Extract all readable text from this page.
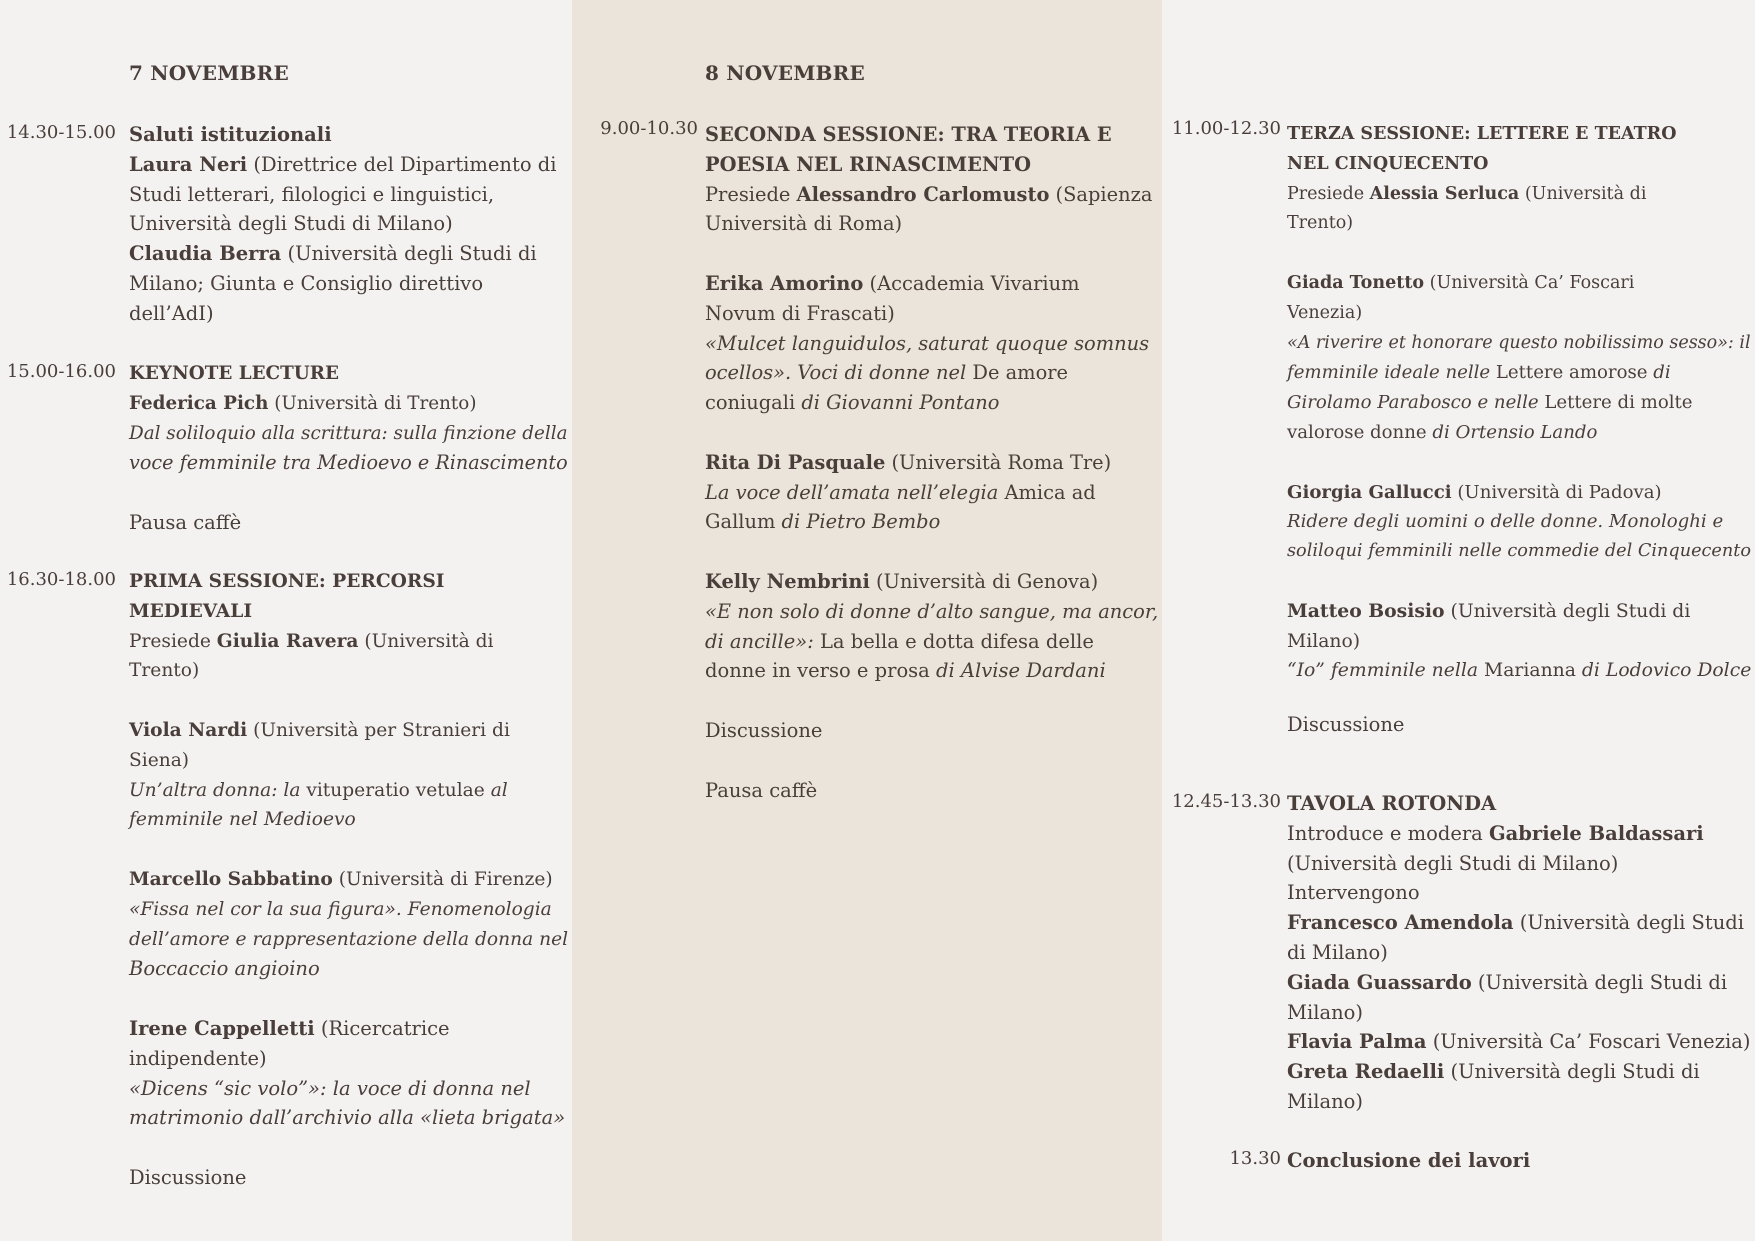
7 NOVEMBRE
14.30-15.00 Saluti istituzionali
Laura Neri (Direttrice del Dipartimento di
Studi letterari, filologici e linguistici,
Università degli Studi di Milano)
Claudia Berra (Università degli Studi di
Milano; Giunta e Consiglio direttivo
dell’AdI)
15.00-16.00 KEYNOTE LECTURE
Federica Pich (Università di Trento)
Dal soliloquio alla scrittura: sulla finzione della
voce femminile tra Medioevo e Rinascimento
Pausa caffè
16.30-18.00 PRIMA SESSIONE: PERCORSI
MEDIEVALI
Presiede Giulia Ravera (Università di
Trento)
Viola Nardi (Università per Stranieri di
Siena)
Un’altra donna: la vituperatio vetulae al
femminile nel Medioevo
Marcello Sabbatino (Università di Firenze)
«Fissa nel cor la sua figura». Fenomenologia
dell’amore e rappresentazione della donna nel
Boccaccio angioino
Irene Cappelletti (Ricercatrice
indipendente)
«Dicens “sic volo”»: la voce di donna nel
matrimonio dall’archivio alla «lieta brigata»
Discussione
8 NOVEMBRE
9.00-10.30 SECONDA SESSIONE: TRA TEORIA E
POESIA NEL RINASCIMENTO
Presiede Alessandro Carlomusto (Sapienza
Università di Roma)
Erika Amorino (Accademia Vivarium
Novum di Frascati)
«Mulcet languidulos, saturat quoque somnus
ocellos». Voci di donne nel De amore
coniugali di Giovanni Pontano
Rita Di Pasquale (Università Roma Tre)
La voce dell’amata nell’elegia Amica ad
Gallum di Pietro Bembo
Kelly Nembrini (Università di Genova)
«E non solo di donne d’alto sangue, ma ancor,
di ancille»: La bella e dotta difesa delle
donne in verso e prosa di Alvise Dardani
Discussione
Pausa caffè
11.00-12.30 TERZA SESSIONE: LETTERE E TEATRO
NEL CINQUECENTO
Presiede Alessia Serluca (Università di
Trento)
Giada Tonetto (Università Ca’ Foscari
Venezia)
«A riverire et honorare questo nobilissimo sesso»: il
femminile ideale nelle Lettere amorose di
Girolamo Parabosco e nelle Lettere di molte
valorose donne di Ortensio Lando
Giorgia Gallucci (Università di Padova)
Ridere degli uomini o delle donne. Monologhi e
soliloqui femminili nelle commedie del Cinquecento
Matteo Bosisio (Università degli Studi di
Milano)
“Io” femminile nella Marianna di Lodovico Dolce
Discussione
12.45-13.30 TAVOLA ROTONDA
Introduce e modera Gabriele Baldassari
(Università degli Studi di Milano)
Intervengono
Francesco Amendola (Università degli Studi
di Milano)
Giada Guassardo (Università degli Studi di
Milano)
Flavia Palma (Università Ca’ Foscari Venezia)
Greta Redaelli (Università degli Studi di
Milano)
13.30 Conclusione dei lavori
